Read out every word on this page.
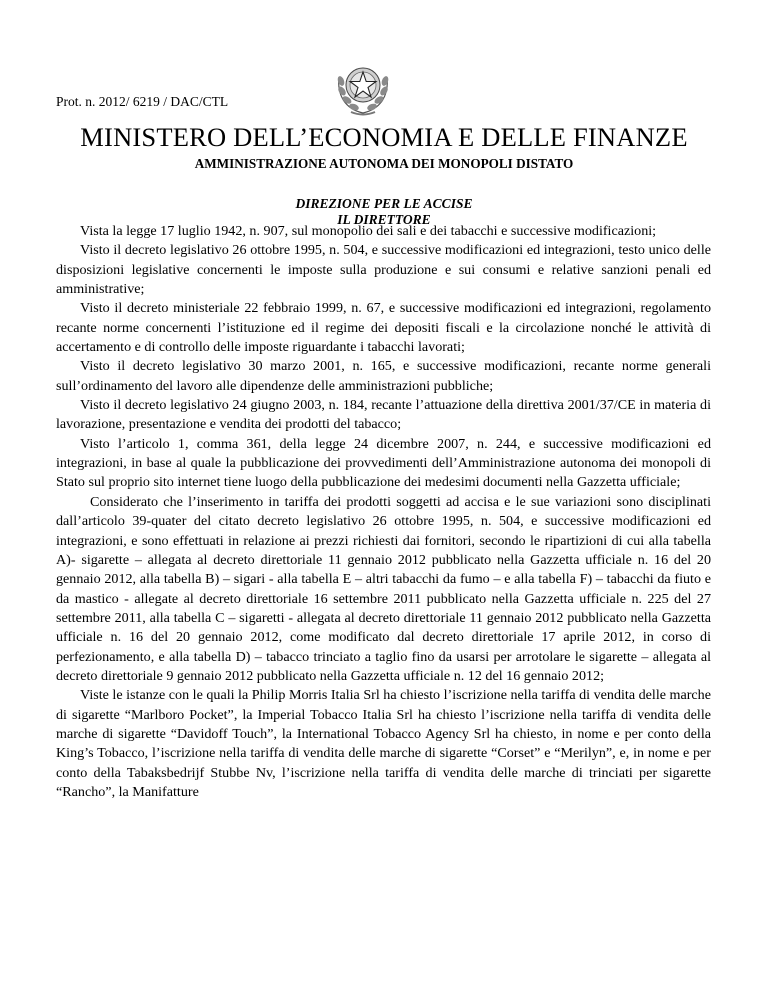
Prot. n. 2012/ 6219 / DAC/CTL
MINISTERO DELL’ECONOMIA E DELLE FINANZE
AMMINISTRAZIONE AUTONOMA DEI MONOPOLI DISTATO
DIREZIONE PER LE ACCISE
IL DIRETTORE

Vista la legge 17 luglio 1942, n. 907, sul monopolio dei sali e dei tabacchi e successive modificazioni;

Visto il decreto legislativo 26 ottobre 1995, n. 504, e successive modificazioni ed integrazioni, testo unico delle disposizioni legislative concernenti le imposte sulla produzione e sui consumi e relative sanzioni penali ed amministrative;

Visto il decreto ministeriale 22 febbraio 1999, n. 67, e successive modificazioni ed integrazioni, regolamento recante norme concernenti l’istituzione ed il regime dei depositi fiscali e la circolazione nonché le attività di accertamento e di controllo delle imposte riguardante i tabacchi lavorati;

Visto il decreto legislativo 30 marzo 2001, n. 165, e successive modificazioni, recante norme generali sull’ordinamento del lavoro alle dipendenze delle amministrazioni pubbliche;

Visto il decreto legislativo 24 giugno 2003, n. 184, recante l’attuazione della direttiva 2001/37/CE in materia di lavorazione, presentazione e vendita dei prodotti del tabacco;

Visto l’articolo 1, comma 361, della legge 24 dicembre 2007, n. 244, e successive modificazioni ed integrazioni, in base al quale la pubblicazione dei provvedimenti dell’Amministrazione autonoma dei monopoli di Stato sul proprio sito internet tiene luogo della pubblicazione dei medesimi documenti nella Gazzetta ufficiale;

Considerato che l’inserimento in tariffa dei prodotti soggetti ad accisa e le sue variazioni sono disciplinati dall’articolo 39-quater del citato decreto legislativo 26 ottobre 1995, n. 504, e successive modificazioni ed integrazioni, e sono effettuati in relazione ai prezzi richiesti dai fornitori, secondo le ripartizioni di cui alla tabella A)- sigarette – allegata al decreto direttoriale 11 gennaio 2012 pubblicato nella Gazzetta ufficiale n. 16 del 20 gennaio 2012, alla tabella B) – sigari - alla tabella E – altri tabacchi da fumo – e alla tabella F) – tabacchi da fiuto e da mastico - allegate al decreto direttoriale 16 settembre 2011 pubblicato nella Gazzetta ufficiale n. 225 del 27 settembre 2011, alla tabella C – sigaretti - allegata al decreto direttoriale 11 gennaio 2012 pubblicato nella Gazzetta ufficiale n. 16 del 20 gennaio 2012, come modificato dal decreto direttoriale 17 aprile 2012, in corso di perfezionamento, e alla tabella D) – tabacco trinciato a taglio fino da usarsi per arrotolare le sigarette – allegata al decreto direttoriale 9 gennaio 2012 pubblicato nella Gazzetta ufficiale n. 12 del 16 gennaio 2012;

Viste le istanze con le quali la Philip Morris Italia Srl ha chiesto l’iscrizione nella tariffa di vendita delle marche di sigarette “Marlboro Pocket”, la Imperial Tobacco Italia Srl ha chiesto l’iscrizione nella tariffa di vendita delle marche di sigarette “Davidoff Touch”, la International Tobacco Agency Srl ha chiesto, in nome e per conto della King’s Tobacco, l’iscrizione nella tariffa di vendita delle marche di sigarette “Corset” e “Merilyn”, e, in nome e per conto della Tabaksbedrijf Stubbe Nv, l’iscrizione nella tariffa di vendita delle marche di trinciati per sigarette “Rancho”, la Manifatture
